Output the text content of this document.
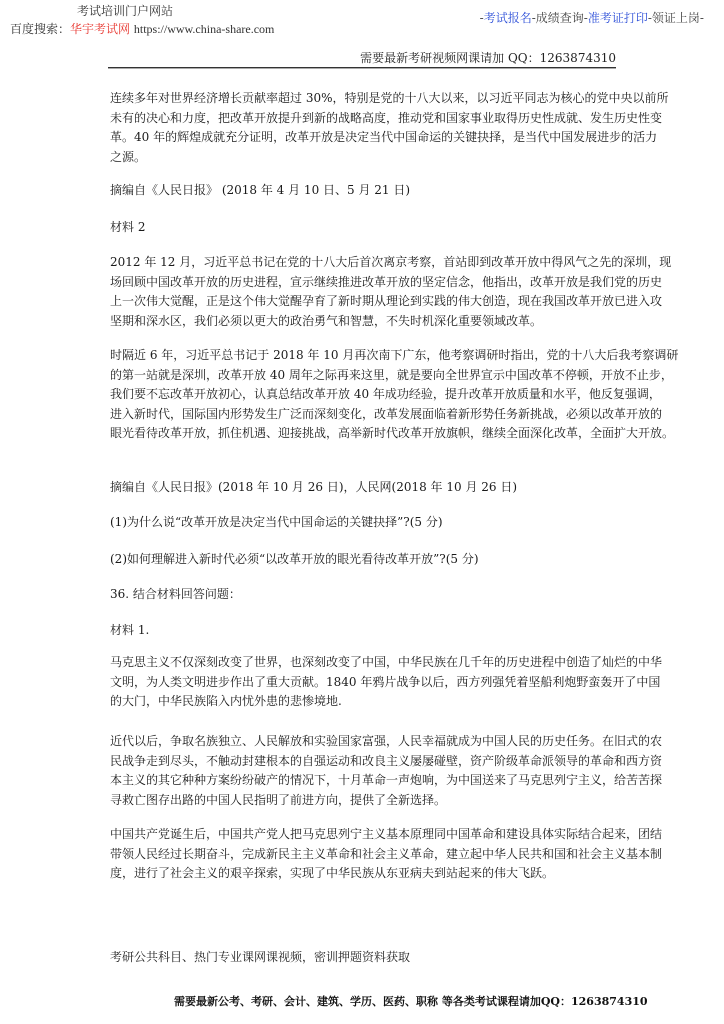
考试培训门户网站
百度搜索：华宇考试网 https://www.china-share.com
-考试报名-成绩查询-准考证打印-领证上岗-
需要最新考研视频网课请加 QQ：1263874310
连续多年对世界经济增长贡献率超过 30%，特别是党的十八大以来，以习近平同志为核心的党中央以前所
未有的决心和力度，把改革开放提升到新的战略高度，推动党和国家事业取得历史性成就、发生历史性变
革。40 年的辉煌成就充分证明，改革开放是决定当代中国命运的关键抉择，是当代中国发展进步的活力
之源。
摘编自《人民日报》 (2018 年 4 月 10 日、5 月 21 日)
材料 2
2012 年 12 月，习近平总书记在党的十八大后首次离京考察，首站即到改革开放中得风气之先的深圳，现
场回顾中国改革开放的历史进程，宣示继续推进改革开放的坚定信念，他指出，改革开放是我们党的历史
上一次伟大觉醒，正是这个伟大觉醒孕育了新时期从理论到实践的伟大创造，现在我国改革开放已进入攻
坚期和深水区，我们必须以更大的政治勇气和智慧，不失时机深化重要领域改革。
时隔近 6 年，习近平总书记于 2018 年 10 月再次南下广东，他考察调研时指出，党的十八大后我考察调研
的第一站就是深圳，改革开放 40 周年之际再来这里，就是要向全世界宣示中国改革不停顿，开放不止步，
我们要不忘改革开放初心，认真总结改革开放 40 年成功经验，提升改革开放质量和水平，他反复强调，
进入新时代，国际国内形势发生广泛而深刻变化，改革发展面临着新形势任务新挑战，必须以改革开放的
眼光看待改革开放，抓住机遇、迎接挑战，高举新时代改革开放旗帜，继续全面深化改革，全面扩大开放。
摘编自《人民日报》(2018 年 10 月 26 日)，人民网(2018 年 10 月 26 日)
(1)为什么说“改革开放是决定当代中国命运的关键抉择”?(5 分)
(2)如何理解进入新时代必须“以改革开放的眼光看待改革开放”?(5 分)
36. 结合材料回答问题：
材料 1.
马克思主义不仅深刻改变了世界，也深刻改变了中国，中华民族在几千年的历史进程中创造了灿烂的中华
文明，为人类文明进步作出了重大贡献。1840 年鸦片战争以后，西方列强凭着坚船利炮野蛮轰开了中国
的大门，中华民族陷入内忧外患的悲惨境地.
近代以后，争取名族独立、人民解放和实验国家富强，人民幸福就成为中国人民的历史任务。在旧式的农
民战争走到尽头，不触动封建根本的自强运动和改良主义屡屡碰壁，资产阶级革命派领导的革命和西方资
本主义的其它种种方案纷纷破产的情况下，十月革命一声炮响，为中国送来了马克思列宁主义，给苦苦探
寻救亡图存出路的中国人民指明了前进方向，提供了全新选择。
中国共产党诞生后，中国共产党人把马克思列宁主义基本原理同中国革命和建设具体实际结合起来，团结
带领人民经过长期奋斗，完成新民主主义革命和社会主义革命，建立起中华人民共和国和社会主义基本制
度，进行了社会主义的艰辛探索，实现了中华民族从东亚病夫到站起来的伟大飞跃。
考研公共科目、热门专业课网课视频，密训押题资料获取
需要最新公考、考研、会计、建筑、学历、医药、职称 等各类考试课程请加QQ：1263874310
